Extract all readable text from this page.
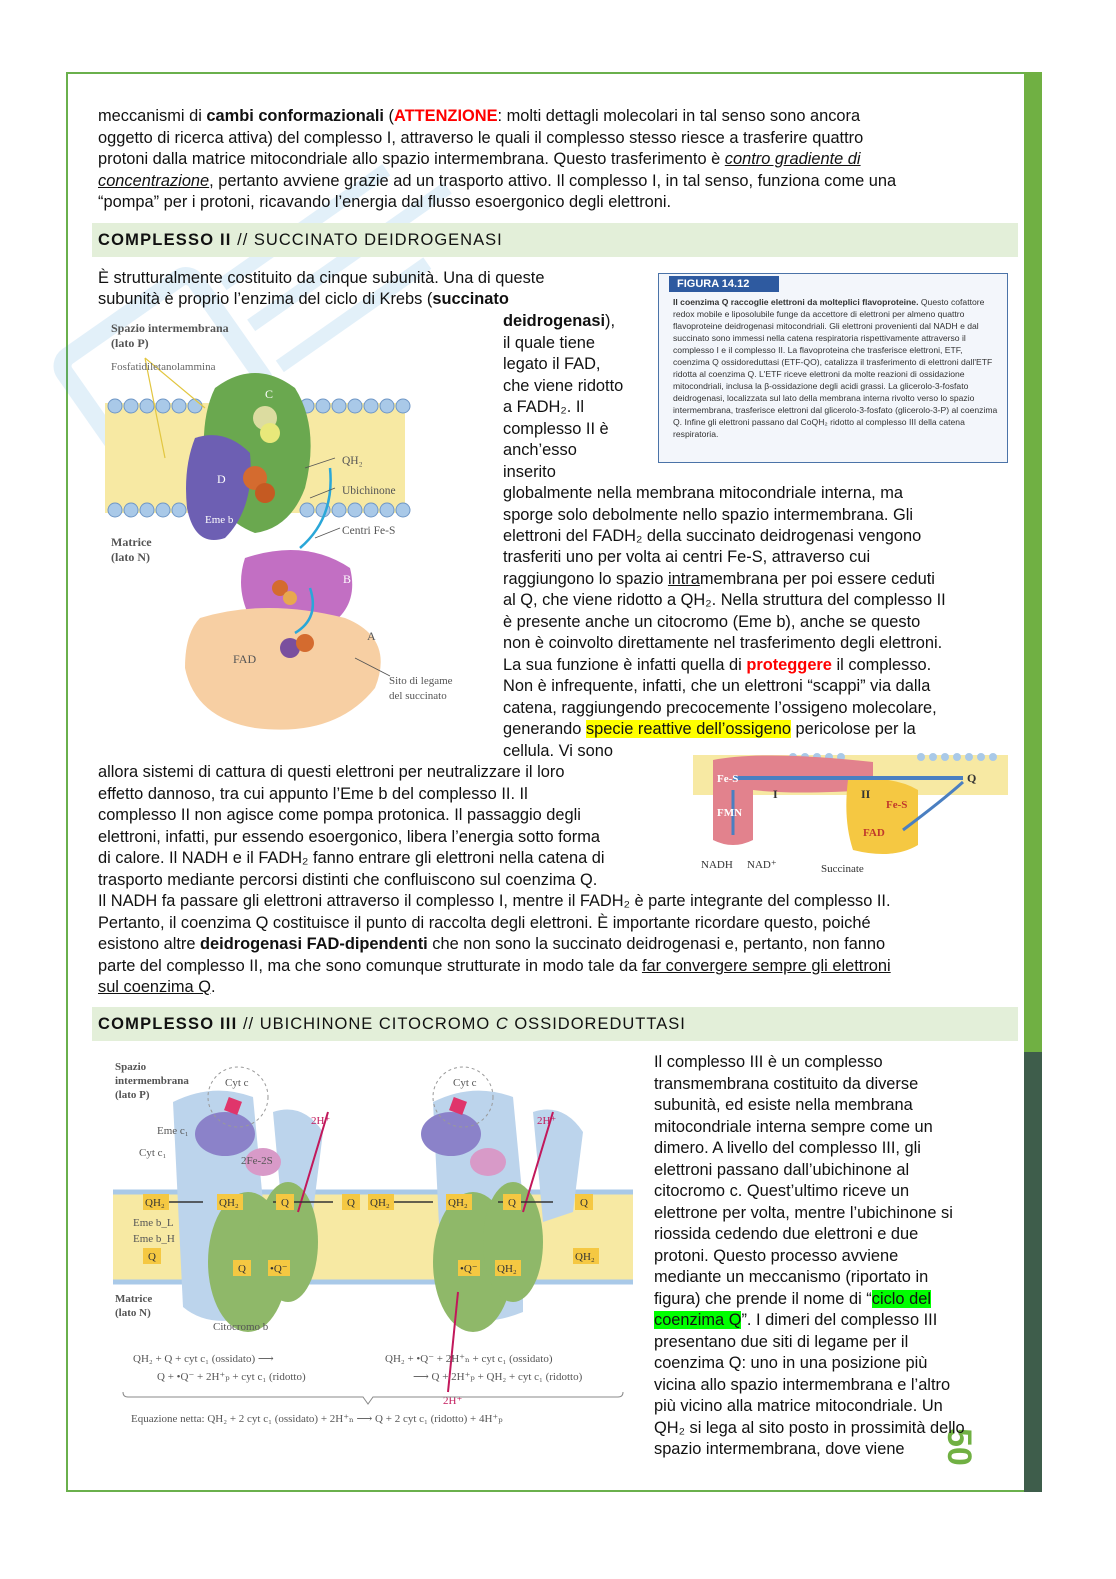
50
meccanismi di cambi conformazionali (ATTENZIONE: molti dettagli molecolari in tal senso sono ancora
oggetto di ricerca attiva) del complesso I, attraverso le quali il complesso stesso riesce a trasferire quattro
protoni dalla matrice mitocondriale allo spazio intermembrana. Questo trasferimento è contro gradiente di
concentrazione, pertanto avviene grazie ad un trasporto attivo. Il complesso I, in tal senso, funziona come una
“pompa” per i protoni, ricavando l’energia dal flusso esoergonico degli elettroni.
COMPLESSO II // SUCCINATO DEIDROGENASI
È strutturalmente costituito da cinque subunità. Una di queste
subunità è proprio l’enzima del ciclo di Krebs (succinato
deidrogenasi),
il quale tiene
legato il FAD,
che viene ridotto
a FADH₂. Il
complesso II è
anch’esso
inserito
globalmente nella membrana mitocondriale interna, ma
sporge solo debolmente nello spazio intermembrana. Gli
elettroni del FADH₂ della succinato deidrogenasi vengono
trasferiti uno per volta ai centri Fe-S, attraverso cui
raggiungono lo spazio intramembrana per poi essere ceduti
al Q, che viene ridotto a QH₂. Nella struttura del complesso II
è presente anche un citocromo (Eme b), anche se questo
non è coinvolto direttamente nel trasferimento degli elettroni.
La sua funzione è infatti quella di proteggere il complesso.
Non è infrequente, infatti, che un elettroni “scappi” via dalla
catena, raggiungendo precocemente l’ossigeno molecolare,
generando specie reattive dell’ossigeno pericolose per la
cellula. Vi sono
allora sistemi di cattura di questi elettroni per neutralizzare il loro
effetto dannoso, tra cui appunto l’Eme b del complesso II. Il
complesso II non agisce come pompa protonica. Il passaggio degli
elettroni, infatti, pur essendo esoergonico, libera l’energia sotto forma
di calore. Il NADH e il FADH₂ fanno entrare gli elettroni nella catena di
trasporto mediante percorsi distinti che confluiscono sul coenzima Q.
Il NADH fa passare gli elettroni attraverso il complesso I, mentre il FADH₂ è parte integrante del complesso II.
Pertanto, il coenzima Q costituisce il punto di raccolta degli elettroni. È importante ricordare questo, poiché
esistono altre deidrogenasi FAD-dipendenti che non sono la succinato deidrogenasi e, pertanto, non fanno
parte del complesso II, ma che sono comunque strutturate in modo tale da far convergere sempre gli elettroni
sul coenzima Q.
FIGURA 14.12
Il coenzima Q raccoglie elettroni da molteplici flavoproteine. Questo cofattore redox mobile e liposolubile funge da accettore di elettroni per almeno quattro flavoproteine deidrogenasi mitocondriali. Gli elettroni provenienti dal NADH e dal succinato sono immessi nella catena respiratoria rispettivamente attraverso il complesso I e il complesso II. La flavoproteina che trasferisce elettroni, ETF, coenzima Q ossidoreduttasi (ETF-QO), catalizza il trasferimento di elettroni dall'ETF ridotta al coenzima Q. L'ETF riceve elettroni da molte reazioni di ossidazione mitocondriali, inclusa la β-ossidazione degli acidi grassi. La glicerolo-3-fosfato deidrogenasi, localizzata sul lato della membrana interna rivolto verso lo spazio intermembrana, trasferisce elettroni dal glicerolo-3-fosfato (glicerolo-3-P) al coenzima Q. Infine gli elettroni passano dal CoQH₂ ridotto al complesso III della catena respiratoria.
Spazio intermembrana
(lato P)
Fosfatidiletanolammina
C
D
Eme b
QH₂
Ubichinone
Centri Fe-S
Matrice
(lato N)
B
A
FAD
Sito di legame
del succinato
Fe-S
I
FMN
II
Fe-S
FAD
Q
NADH NAD⁺	Succinate
COMPLESSO III // UBICHINONE CITOCROMO C OSSIDOREDUTTASI
QH₂	QH₂	Q	Q QH₂	QH₂	Q	Q
QH₂
Q
Q •Q⁻	•Q⁻ QH₂
Spazio
intermembrana
(lato P)
Cyt c	Cyt c
Eme c₁
Cyt c₁
2Fe-2S
2H⁺	2H⁺
2H⁺
Eme b_L
Eme b_H
Matrice
(lato N)
Citocromo b
QH₂ + Q + cyt c₁ (ossidato) ⟶
Q + •Q⁻ + 2H⁺ₚ + cyt c₁ (ridotto)
QH₂ + •Q⁻ + 2H⁺ₙ + cyt c₁ (ossidato)
⟶ Q + 2H⁺ₚ + QH₂ + cyt c₁ (ridotto)
Equazione netta: QH₂ + 2 cyt c₁ (ossidato) + 2H⁺ₙ ⟶ Q + 2 cyt c₁ (ridotto) + 4H⁺ₚ
Il complesso III è un complesso
transmembrana costituito da diverse
subunità, ed esiste nella membrana
mitocondriale interna sempre come un
dimero. A livello del complesso III, gli
elettroni passano dall’ubichinone al
citocromo c. Quest’ultimo riceve un
elettrone per volta, mentre l’ubichinone si
riossida cedendo due elettroni e due
protoni. Questo processo avviene
mediante un meccanismo (riportato in
figura) che prende il nome di “ciclo del
coenzima Q”. I dimeri del complesso III
presentano due siti di legame per il
coenzima Q: uno in una posizione più
vicina allo spazio intermembrana e l’altro
più vicino alla matrice mitocondriale. Un
QH₂ si lega al sito posto in prossimità dello
spazio intermembrana, dove viene
